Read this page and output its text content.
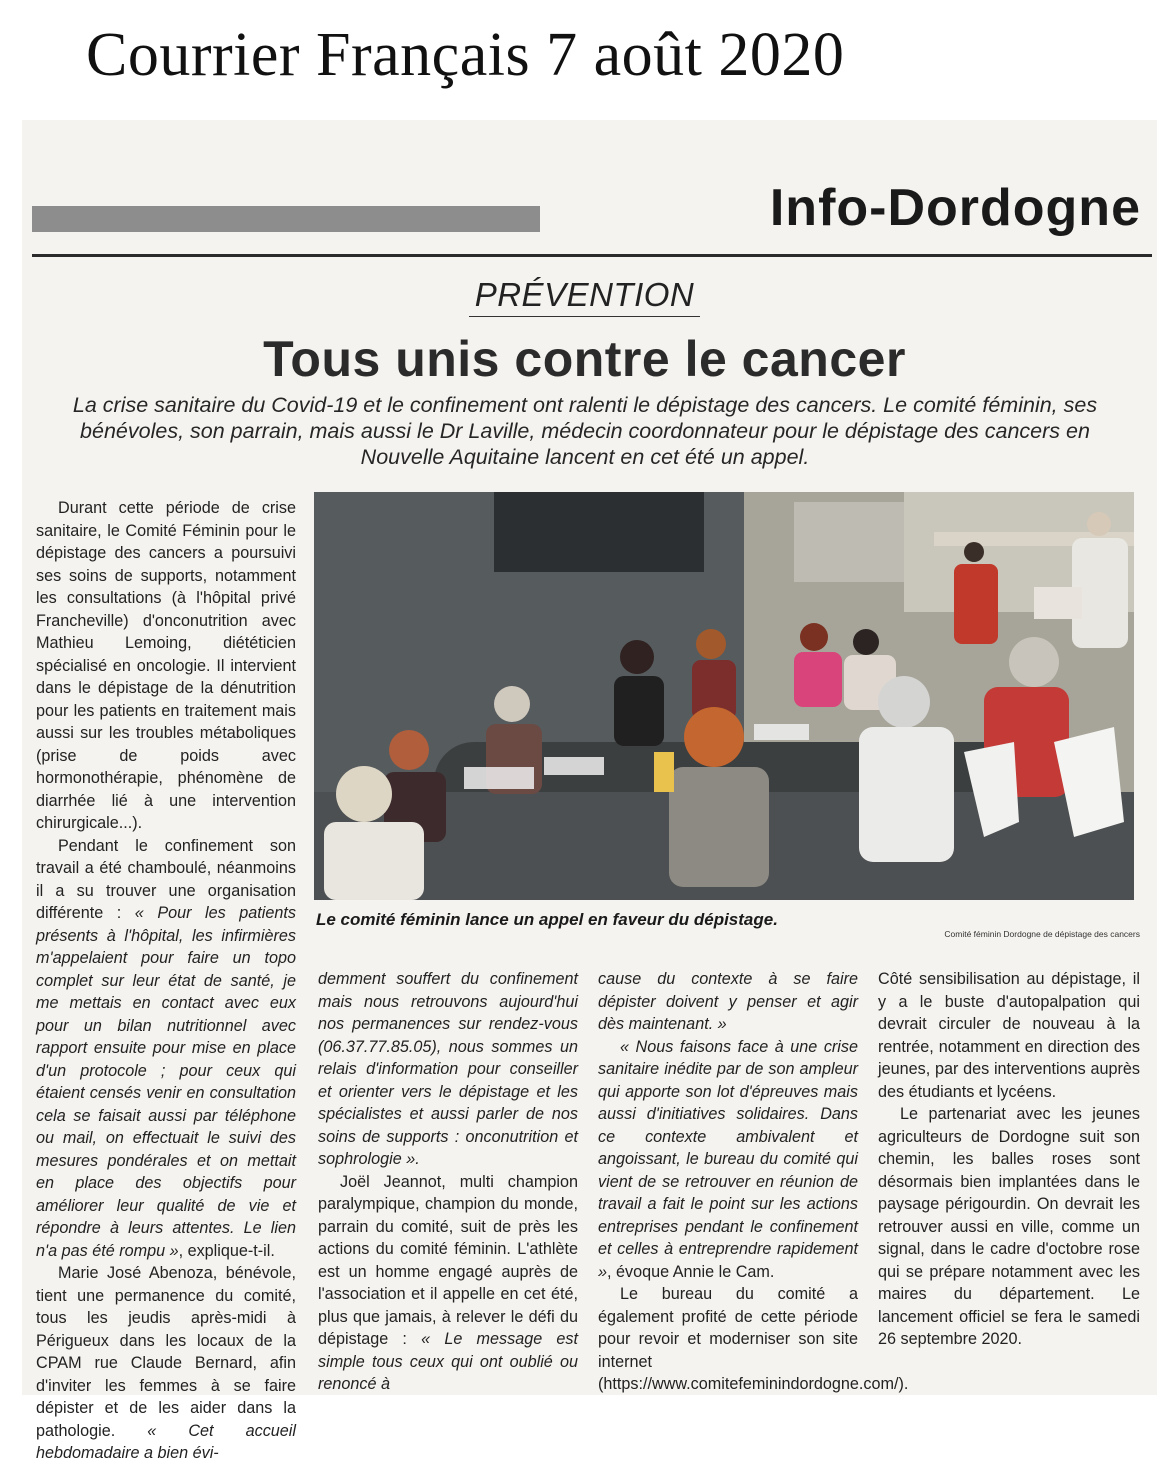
Courrier Français 7 août 2020
Info-Dordogne
PRÉVENTION
Tous unis contre le cancer
La crise sanitaire du Covid-19 et le confinement ont ralenti le dépistage des cancers. Le comité féminin, ses bénévoles, son parrain, mais aussi le Dr Laville, médecin coordonnateur pour le dépistage des cancers en Nouvelle Aquitaine lancent en cet été un appel.

Durant cette période de crise sanitaire, le Comité Féminin pour le dépistage des cancers a poursuivi ses soins de supports, notamment les consultations (à l'hôpital privé Francheville) d'onconutrition avec Mathieu Lemoing, diététicien spécialisé en oncologie. Il intervient dans le dépistage de la dénutrition pour les patients en traitement mais aussi sur les troubles métaboliques (prise de poids avec hormonothérapie, phénomène de diarrhée lié à une intervention chirurgicale...).

Pendant le confinement son travail a été chamboulé, néanmoins il a su trouver une organisation différente : « Pour les patients présents à l'hôpital, les infirmières m'appelaient pour faire un topo complet sur leur état de santé, je me mettais en contact avec eux pour un bilan nutritionnel avec rapport ensuite pour mise en place d'un protocole ; pour ceux qui étaient censés venir en consultation cela se faisait aussi par téléphone ou mail, on effectuait le suivi des mesures pondérales et on mettait en place des objectifs pour améliorer leur qualité de vie et répondre à leurs attentes. Le lien n'a pas été rompu », explique-t-il.

Marie José Abenoza, bénévole, tient une permanence du comité, tous les jeudis après-midi à Périgueux dans les locaux de la CPAM rue Claude Bernard, afin d'inviter les femmes à se faire dépister et de les aider dans la pathologie. « Cet accueil hebdomadaire a bien évi-

Le comité féminin lance un appel en faveur du dépistage.
Comité féminin Dordogne de dépistage des cancers

demment souffert du confinement mais nous retrouvons aujourd'hui nos permanences sur rendez-vous (06.37.77.85.05), nous sommes un relais d'information pour conseiller et orienter vers le dépistage et les spécialistes et aussi parler de nos soins de supports : onconutrition et sophrologie ».

Joël Jeannot, multi champion paralympique, champion du monde, parrain du comité, suit de près les actions du comité féminin. L'athlète est un homme engagé auprès de l'association et il appelle en cet été, plus que jamais, à relever le défi du dépistage : « Le message est simple tous ceux qui ont oublié ou renoncé à

cause du contexte à se faire dépister doivent y penser et agir dès maintenant. »

« Nous faisons face à une crise sanitaire inédite par de son ampleur qui apporte son lot d'épreuves mais aussi d'initiatives solidaires. Dans ce contexte ambivalent et angoissant, le bureau du comité qui vient de se retrouver en réunion de travail a fait le point sur les actions entreprises pendant le confinement et celles à entreprendre rapidement », évoque Annie le Cam.

Le bureau du comité a également profité de cette période pour revoir et moderniser son site internet (https://www.comitefeminindordogne.com/).

Côté sensibilisation au dépistage, il y a le buste d'autopalpation qui devrait circuler de nouveau à la rentrée, notamment en direction des jeunes, par des interventions auprès des étudiants et lycéens.

Le partenariat avec les jeunes agriculteurs de Dordogne suit son chemin, les balles roses sont désormais bien implantées dans le paysage périgourdin. On devrait les retrouver aussi en ville, comme un signal, dans le cadre d'octobre rose qui se prépare notamment avec les maires du département. Le lancement officiel se fera le samedi 26 septembre 2020.
